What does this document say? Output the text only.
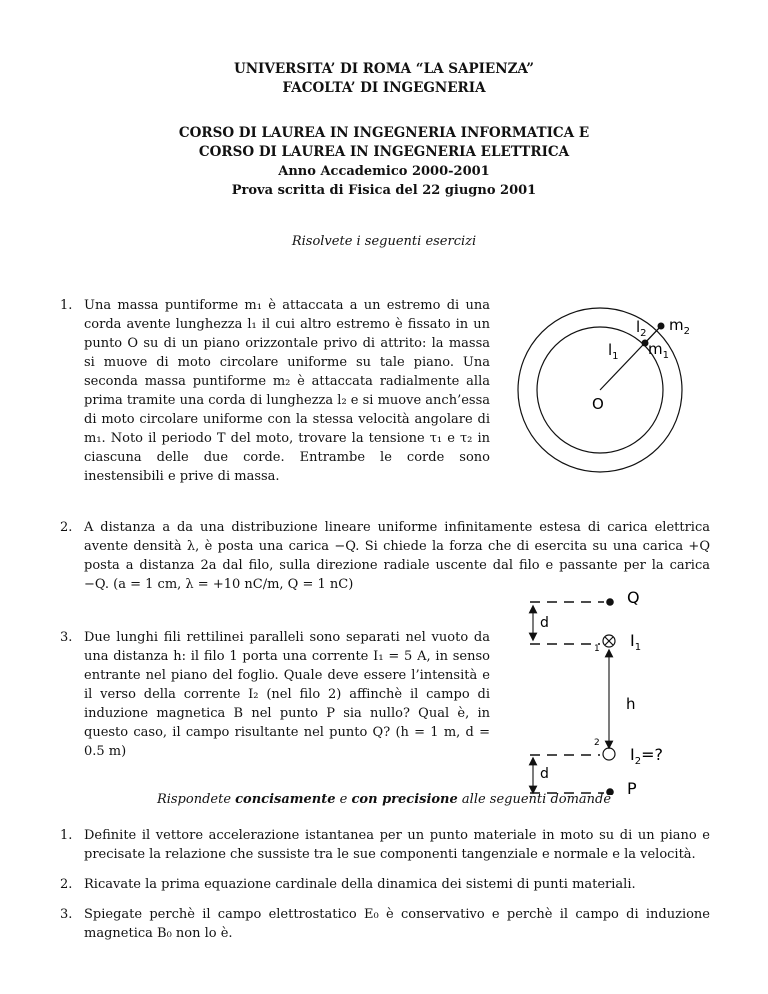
UNIVERSITA’ DI ROMA “LA SAPIENZA”
FACOLTA’ DI INGEGNERIA
CORSO DI LAUREA IN INGEGNERIA INFORMATICA E
CORSO DI LAUREA IN INGEGNERIA ELETTRICA
Anno Accademico 2000-2001
Prova scritta di Fisica del 22 giugno 2001
Risolvete i seguenti esercizi
1. Una massa puntiforme m₁ è attaccata a un estremo di una corda avente lunghezza l₁ il cui altro estremo è fissato in un punto O su di un piano orizzontale privo di attrito: la massa si muove di moto circolare uniforme su tale piano. Una seconda massa puntiforme m₂ è attaccata radialmente alla prima tramite una corda di lunghezza l₂ e si muove anch’essa di moto circolare uniforme con la stessa velocità angolare di m₁. Noto il periodo T del moto, trovare la tensione τ₁ e τ₂ in ciascuna delle due corde. Entrambe le corde sono inestensibili e prive di massa.
$l_2$ $m_2$
$l_1$ $m_1$
O
2. A distanza a da una distribuzione lineare uniforme infinitamente estesa di carica elettrica avente densità λ, è posta una carica −Q. Si chiede la forza che di esercita su una carica +Q posta a distanza 2a dal filo, sulla direzione radiale uscente dal filo e passante per la carica −Q. (a = 1 cm, λ = +10 nC/m, Q = 1 nC)
3. Due lunghi fili rettilinei paralleli sono separati nel vuoto da una distanza h: il filo 1 porta una corrente I₁ = 5 A, in senso entrante nel piano del foglio. Quale deve essere l’intensità e il verso della corrente I₂ (nel filo 2) affinchè il campo di induzione magnetica B nel punto P sia nullo? Qual è, in questo caso, il campo risultante nel punto Q? (h = 1 m, d = 0.5 m)
Q
d
1 $I_1$
h
2
$I_2=$?
d
P
Rispondete concisamente e con precisione alle seguenti domande
1. Definite il vettore accelerazione istantanea per un punto materiale in moto su di un piano e precisate la relazione che sussiste tra le sue componenti tangenziale e normale e la velocità.
2. Ricavate la prima equazione cardinale della dinamica dei sistemi di punti materiali.
3. Spiegate perchè il campo elettrostatico E₀ è conservativo e perchè il campo di induzione magnetica B₀ non lo è.
